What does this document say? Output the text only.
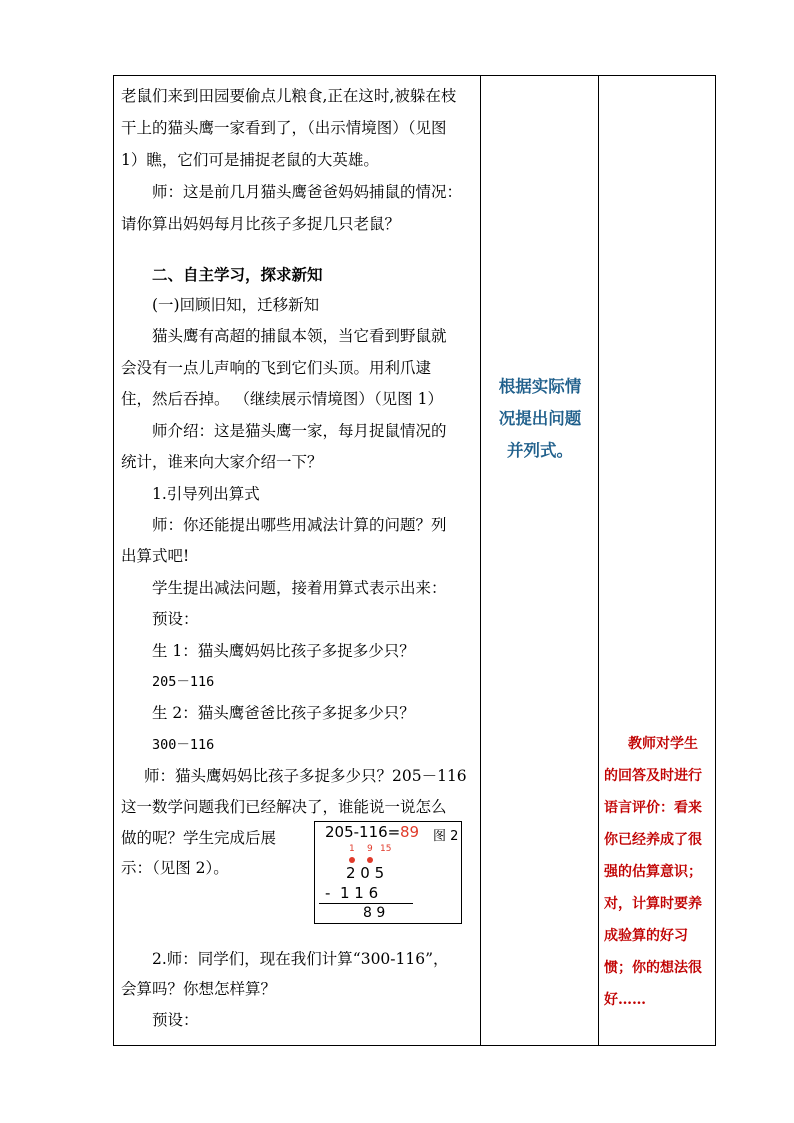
老鼠们来到田园要偷点儿粮食,正在这时,被躲在枝
干上的猫头鹰一家看到了，（出示情境图）（见图
1）瞧，它们可是捕捉老鼠的大英雄。
师：这是前几月猫头鹰爸爸妈妈捕鼠的情况：
请你算出妈妈每月比孩子多捉几只老鼠？
二、自主学习，探求新知
(一)回顾旧知，迁移新知
猫头鹰有高超的捕鼠本领，当它看到野鼠就
会没有一点儿声响的飞到它们头顶。用利爪逮
住，然后吞掉。 （继续展示情境图）（见图 1）
师介绍：这是猫头鹰一家，每月捉鼠情况的
统计，谁来向大家介绍一下？
1.引导列出算式
师：你还能提出哪些用减法计算的问题？列
出算式吧!
学生提出减法问题，接着用算式表示出来：
预设：
生 1：猫头鹰妈妈比孩子多捉多少只？
205－116
生 2：猫头鹰爸爸比孩子多捉多少只？
300－116
师：猫头鹰妈妈比孩子多捉多少只？205－116
这一数学问题我们已经解决了，谁能说一说怎么
做的呢？学生完成后展
示：（见图 2）。
2.师：同学们，现在我们计算“300-116”，
会算吗？你想怎样算？
预设：
205-116= 89 图 2
1 9 15
2 0 5
-  1 1 6
8 9
根据实际情
况提出问题
并列式。
教师对学生
的回答及时进行
语言评价：看来
你已经养成了很
强的估算意识；
对，计算时要养
成验算的好习
惯；你的想法很
好……
